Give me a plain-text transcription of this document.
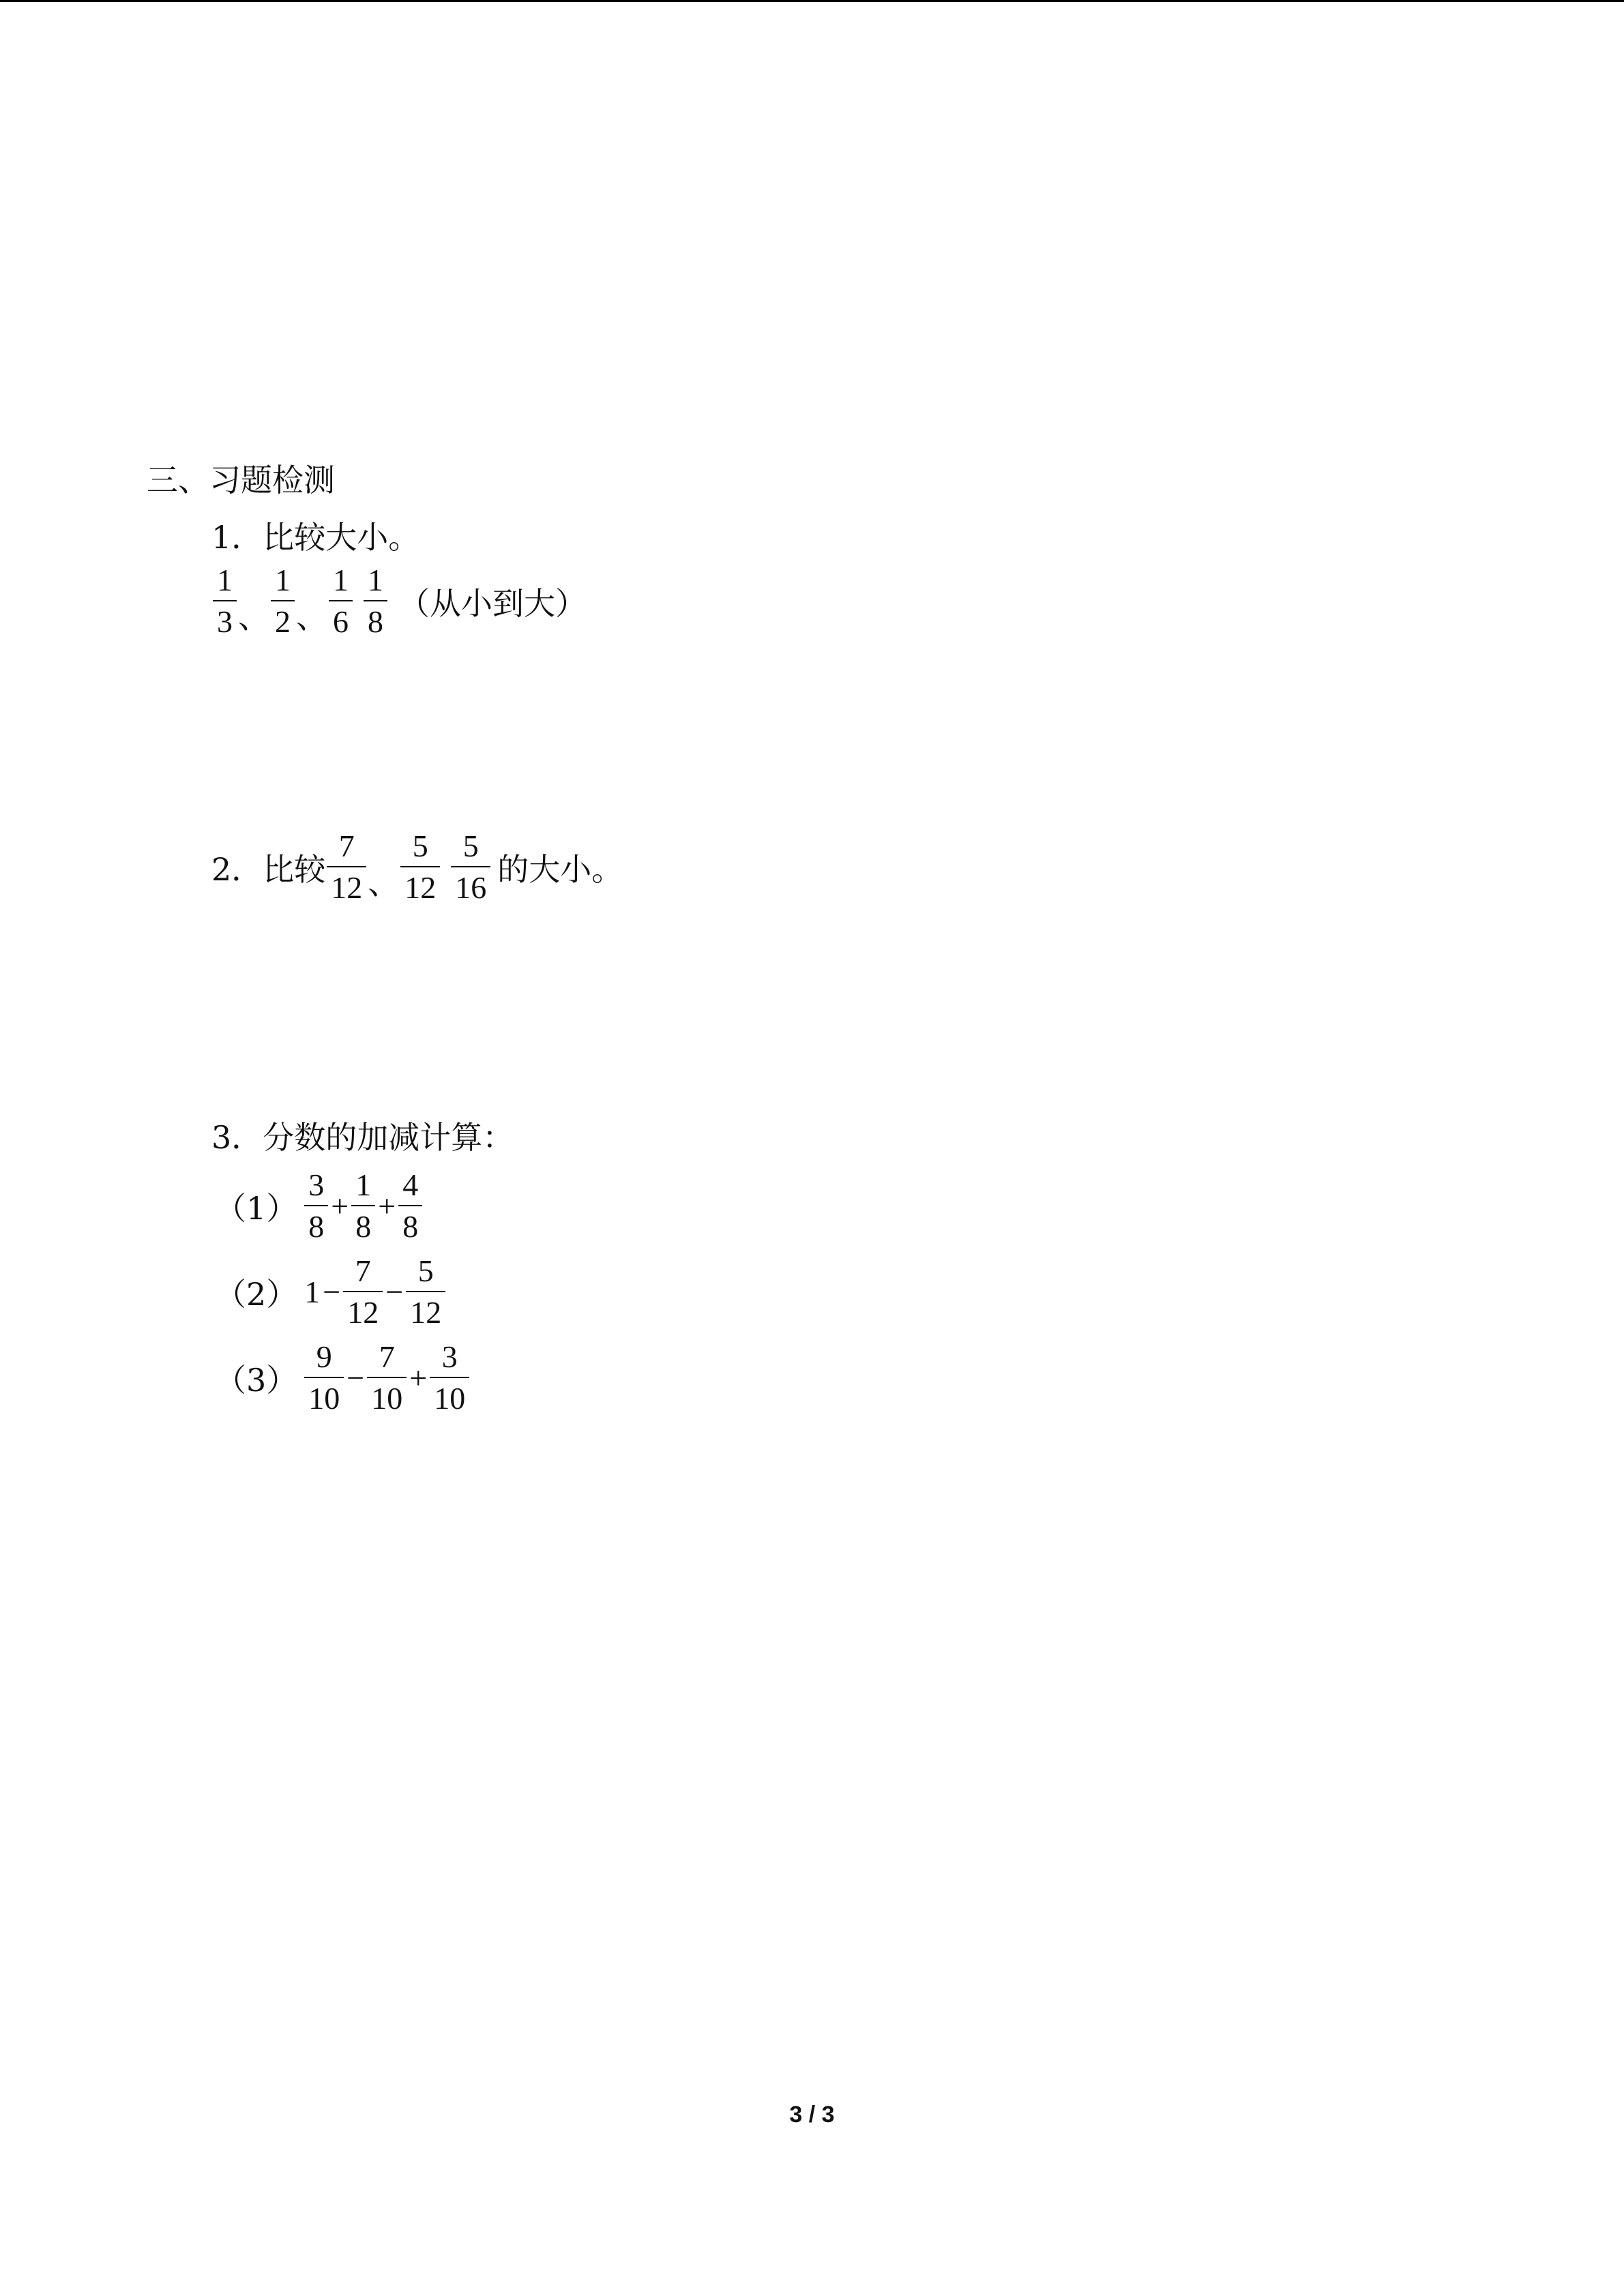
三、习题检测
1．比较大小。
$\frac{1}{3}$ 、 $\frac{1}{2}$ 、 $\frac{1}{6} \frac{1}{8}$ （从小到大）
2．比较 $\frac{7}{12}$ 、 $\frac{5}{12} \frac{5}{16}$ 的大小。
3．分数的加减计算：
$(1) \frac{3}{8} + \frac{1}{8} + \frac{4}{8}$
（2） $1 - \frac{7}{12} - \frac{5}{12}$
$(3) \frac{9}{10} - \frac{7}{10} + \frac{3}{10}$
3 / 3
